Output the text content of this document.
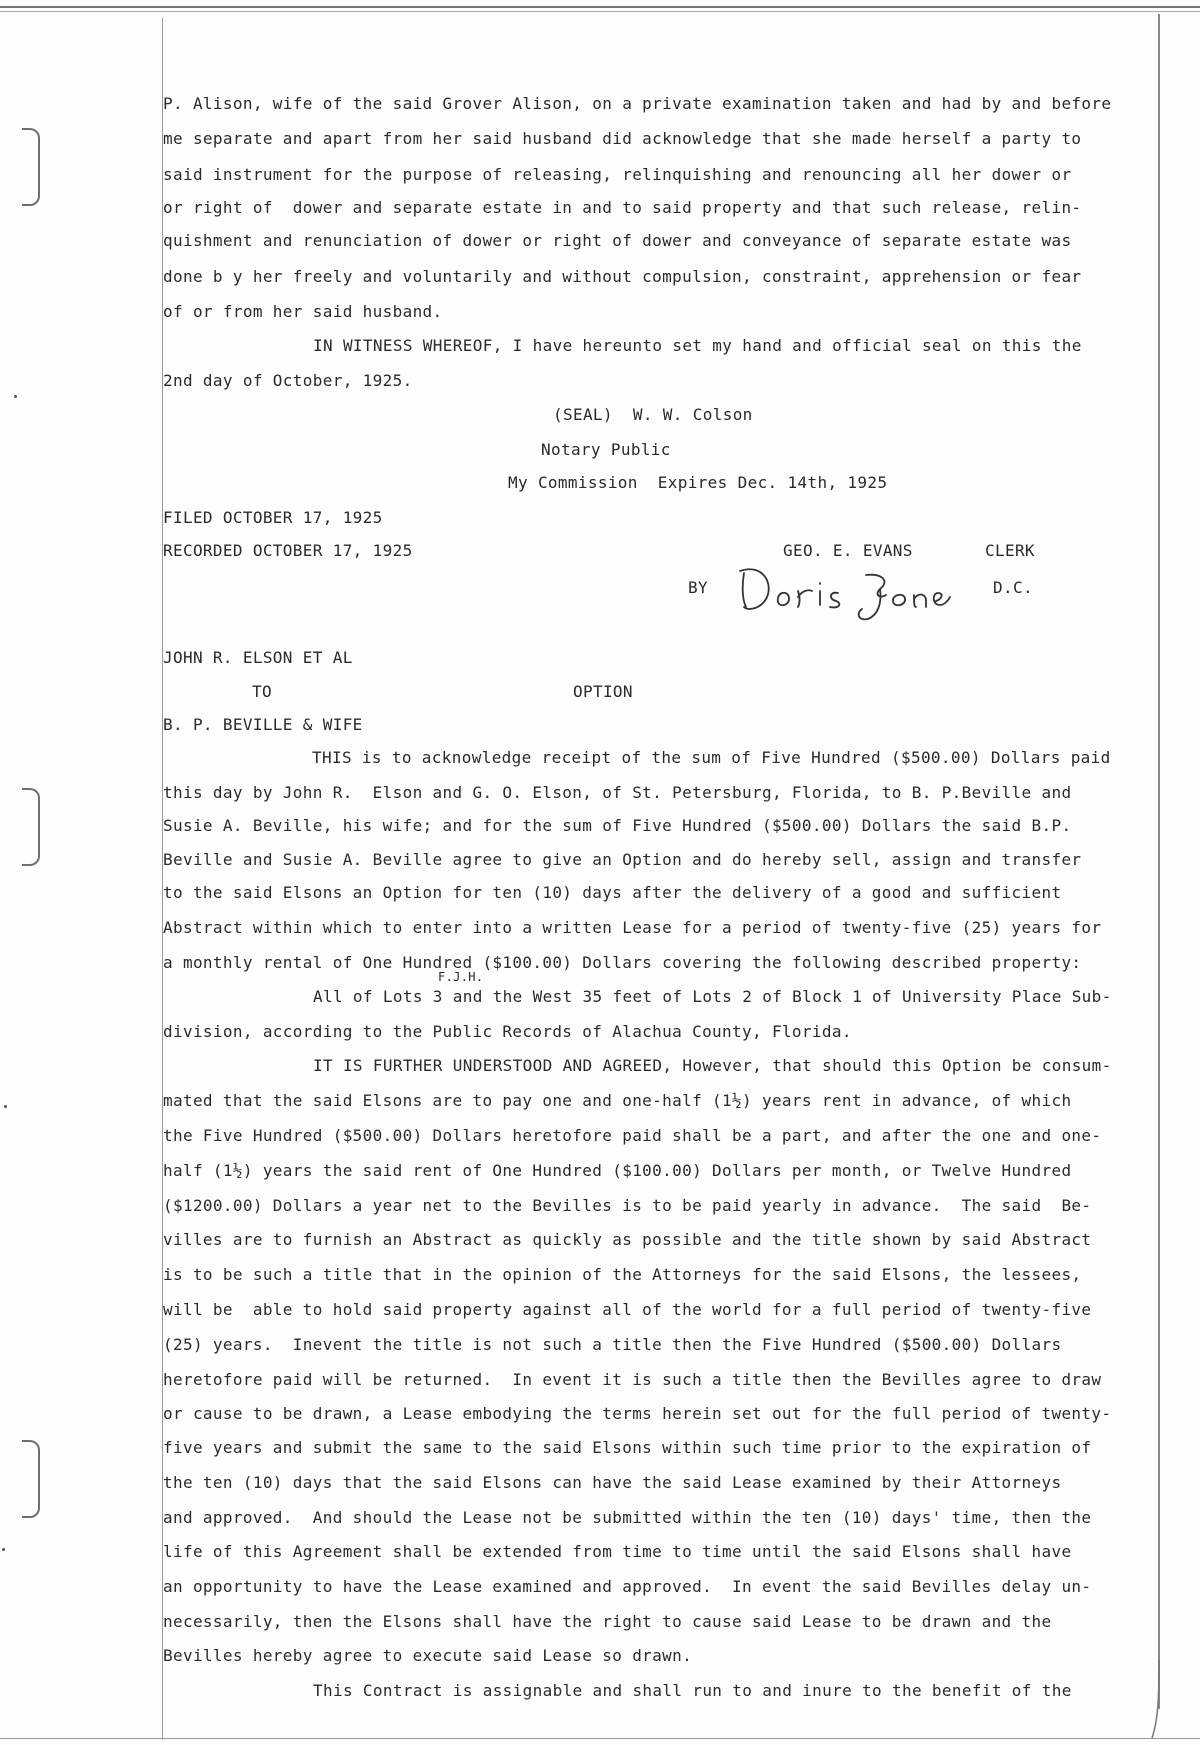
P. Alison, wife of the said Grover Alison, on a private examination taken and had by and before
me separate and apart from her said husband did acknowledge that she made herself a party to
said instrument for the purpose of releasing, relinquishing and renouncing all her dower or
or right of  dower and separate estate in and to said property and that such release, relin-
quishment and renunciation of dower or right of dower and conveyance of separate estate was
done b y her freely and voluntarily and without compulsion, constraint, apprehension or fear
of or from her said husband.
IN WITNESS WHEREOF, I have hereunto set my hand and official seal on this the
2nd day of October, 1925.
(SEAL)  W. W. Colson
Notary Public
My Commission  Expires Dec. 14th, 1925
FILED OCTOBER 17, 1925
RECORDED OCTOBER 17, 1925	GEO. E. EVANS	CLERK
BY	D.C.
JOHN R. ELSON ET AL
TO	OPTION
B. P. BEVILLE & WIFE
THIS is to acknowledge receipt of the sum of Five Hundred ($500.00) Dollars paid
this day by John R.  Elson and G. O. Elson, of St. Petersburg, Florida, to B. P.Beville and
Susie A. Beville, his wife; and for the sum of Five Hundred ($500.00) Dollars the said B.P.
Beville and Susie A. Beville agree to give an Option and do hereby sell, assign and transfer
to the said Elsons an Option for ten (10) days after the delivery of a good and sufficient
Abstract within which to enter into a written Lease for a period of twenty-five (25) years for
a monthly rental of One Hundred ($100.00) Dollars covering the following described property:
F.J.H.
All of Lots 3 and the West 35 feet of Lots 2 of Block 1 of University Place Sub-
division, according to the Public Records of Alachua County, Florida.
IT IS FURTHER UNDERSTOOD AND AGREED, However, that should this Option be consum-
mated that the said Elsons are to pay one and one-half (1½) years rent in advance, of which
the Five Hundred ($500.00) Dollars heretofore paid shall be a part, and after the one and one-
half (1½) years the said rent of One Hundred ($100.00) Dollars per month, or Twelve Hundred
($1200.00) Dollars a year net to the Bevilles is to be paid yearly in advance.  The said  Be-
villes are to furnish an Abstract as quickly as possible and the title shown by said Abstract
is to be such a title that in the opinion of the Attorneys for the said Elsons, the lessees,
will be  able to hold said property against all of the world for a full period of twenty-five
(25) years.  Inevent the title is not such a title then the Five Hundred ($500.00) Dollars
heretofore paid will be returned.  In event it is such a title then the Bevilles agree to draw
or cause to be drawn, a Lease embodying the terms herein set out for the full period of twenty-
five years and submit the same to the said Elsons within such time prior to the expiration of
the ten (10) days that the said Elsons can have the said Lease examined by their Attorneys
and approved.  And should the Lease not be submitted within the ten (10) days' time, then the
life of this Agreement shall be extended from time to time until the said Elsons shall have
an opportunity to have the Lease examined and approved.  In event the said Bevilles delay un-
necessarily, then the Elsons shall have the right to cause said Lease to be drawn and the
Bevilles hereby agree to execute said Lease so drawn.
This Contract is assignable and shall run to and inure to the benefit of the
